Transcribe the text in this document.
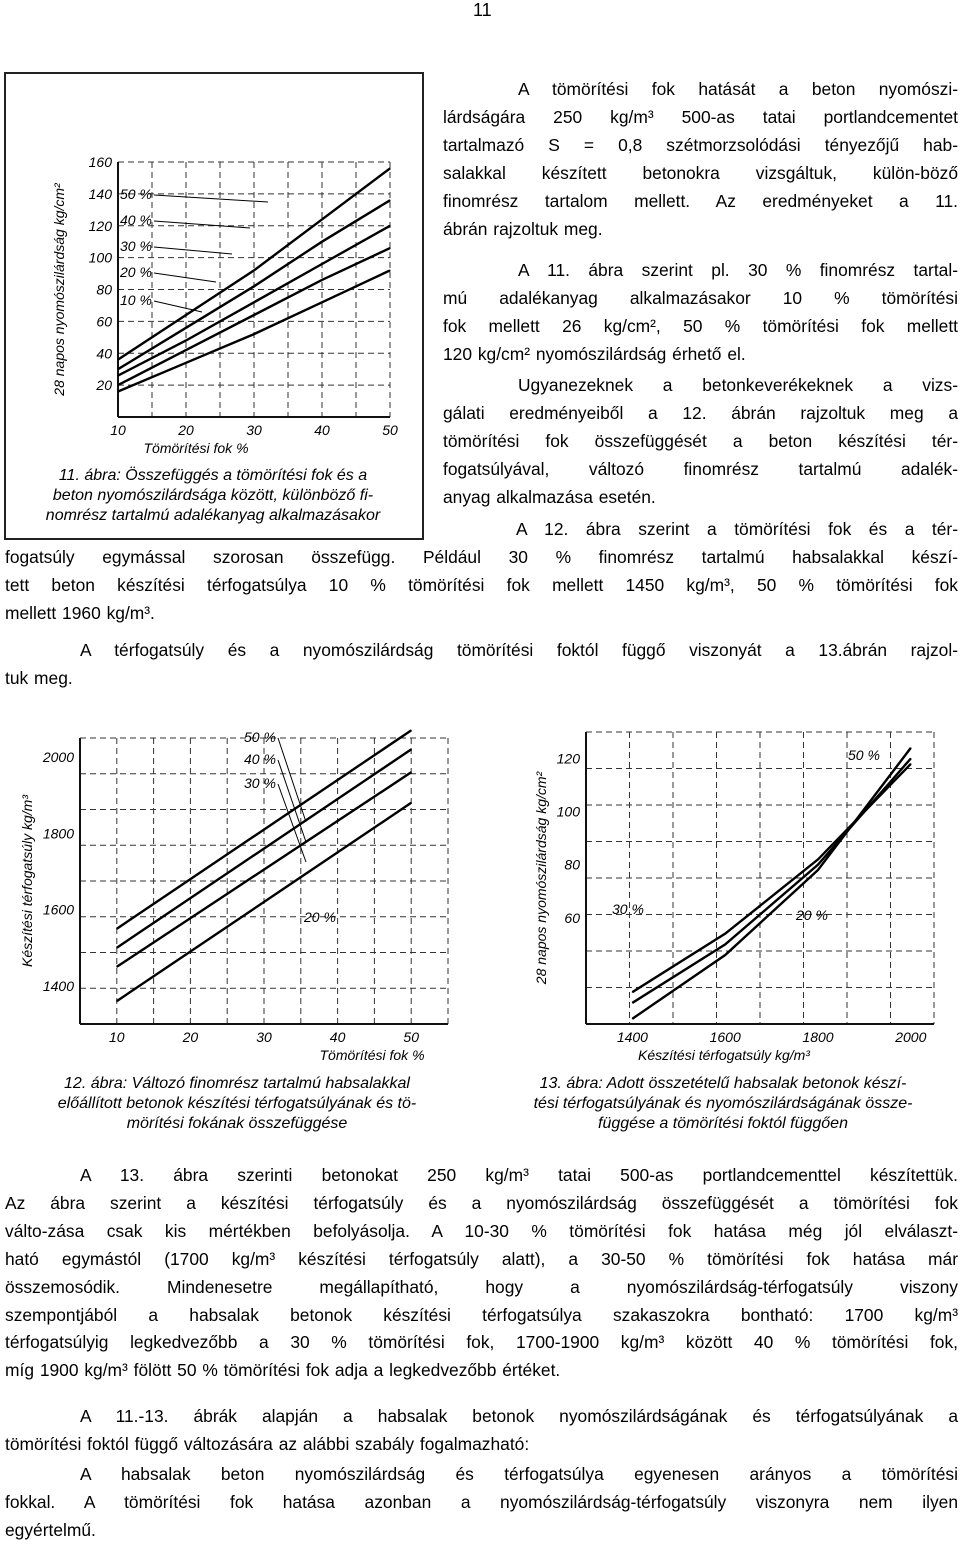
11
10	20	30	40	50
20
40
60
80
100
120
140
160
Tömörítési fok %
28 napos nyomószilárdság kg/cm²	10 %
20 %
30 %
40 %
50 %
11. ábra: Összefüggés a tömörítési fok és a
beton nyomószilárdsága között, különböző fi-
nomrész tartalmú adalékanyag alkalmazásakor
A tömörítési fok hatását a beton nyomószi-
lárdságára 250 kg/m³ 500-as tatai portlandcementet
tartalmazó S = 0,8 szétmorzsolódási tényezőjű hab-
salakkal készített betonokra vizsgáltuk, külön-böző
finomrész tartalom mellett. Az eredményeket a 11.
ábrán rajzoltuk meg.
A 11. ábra szerint pl. 30 % finomrész tartal-
mú adalékanyag alkalmazásakor 10 % tömörítési
fok mellett 26 kg/cm², 50 % tömörítési fok mellett
120 kg/cm² nyomószilárdság érhető el.
Ugyanezeknek a betonkeverékeknek a vizs-
gálati eredményeiből a 12. ábrán rajzoltuk meg a
tömörítési fok összefüggését a beton készítési tér-
fogatsúlyával, változó finomrész tartalmú adalék-
anyag alkalmazása esetén.
A 12. ábra szerint a tömörítési fok és a tér-
fogatsúly egymással szorosan összefügg. Például 30 % finomrész tartalmú habsalakkal készí-
tett beton készítési térfogatsúlya 10 % tömörítési fok mellett 1450 kg/m³, 50 % tömörítési fok
mellett 1960 kg/m³.
A térfogatsúly és a nyomószilárdság tömörítési foktól függő viszonyát a 13.ábrán rajzol-
tuk meg.
10	20	30	40	50
1400
1600
1800
2000
Tömörítési fok %
Készítési térfogatsúly kg/m³	20 %
30 %
40 %
50 %
12. ábra: Változó finomrész tartalmú habsalakkal
előállított betonok készítési térfogatsúlyának és tö-
mörítési fokának összefüggése
1400	1600	1800	2000
60
80
100
120
Készítési térfogatsúly kg/m³
28 napos nyomószilárdság kg/cm²	20 %
30 %
50 %
13. ábra: Adott összetételű habsalak betonok készí-
tési térfogatsúlyának és nyomószilárdságának össze-
függése a tömörítési foktól függően
A 13. ábra szerinti betonokat 250 kg/m³ tatai 500-as portlandcementtel készítettük.
Az ábra szerint a készítési térfogatsúly és a nyomószilárdság összefüggését a tömörítési fok
válto-zása csak kis mértékben befolyásolja. A 10-30 % tömörítési fok hatása még jól elválaszt-
ható egymástól (1700 kg/m³ készítési térfogatsúly alatt), a 30-50 % tömörítési fok hatása már
összemosódik. Mindenesetre megállapítható, hogy a nyomószilárdság-térfogatsúly viszony
szempontjából a habsalak betonok készítési térfogatsúlya szakaszokra bontható: 1700 kg/m³
térfogatsúlyig legkedvezőbb a 30 % tömörítési fok, 1700-1900 kg/m³ között 40 % tömörítési fok,
míg 1900 kg/m³ fölött 50 % tömörítési fok adja a legkedvezőbb értéket.
A 11.-13. ábrák alapján a habsalak betonok nyomószilárdságának és térfogatsúlyának a
tömörítési foktól függő változására az alábbi szabály fogalmazható:
A habsalak beton nyomószilárdság és térfogatsúlya egyenesen arányos a tömörítési
fokkal. A tömörítési fok hatása azonban a nyomószilárdság-térfogatsúly viszonyra nem ilyen
egyértelmű.
